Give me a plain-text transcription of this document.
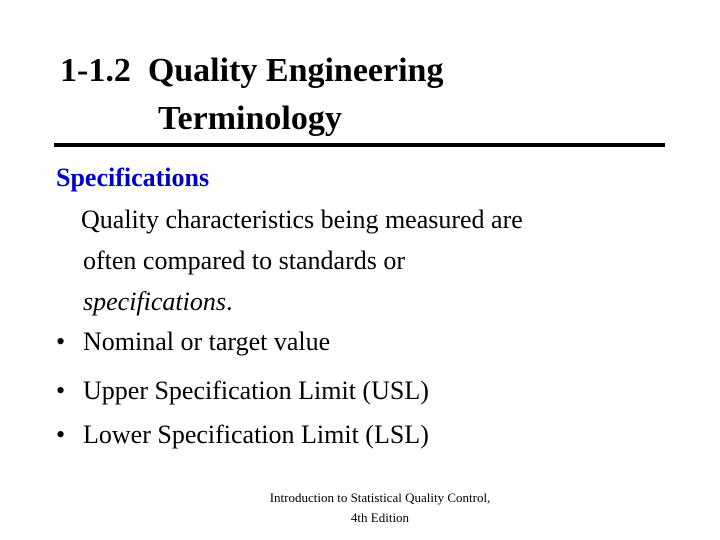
1-1.2  Quality Engineering
Terminology
Specifications
Quality characteristics being measured are
often compared to standards or
specifications.
• Nominal or target value
• Upper Specification Limit (USL)
• Lower Specification Limit (LSL)
Introduction to Statistical Quality Control,
4th Edition
